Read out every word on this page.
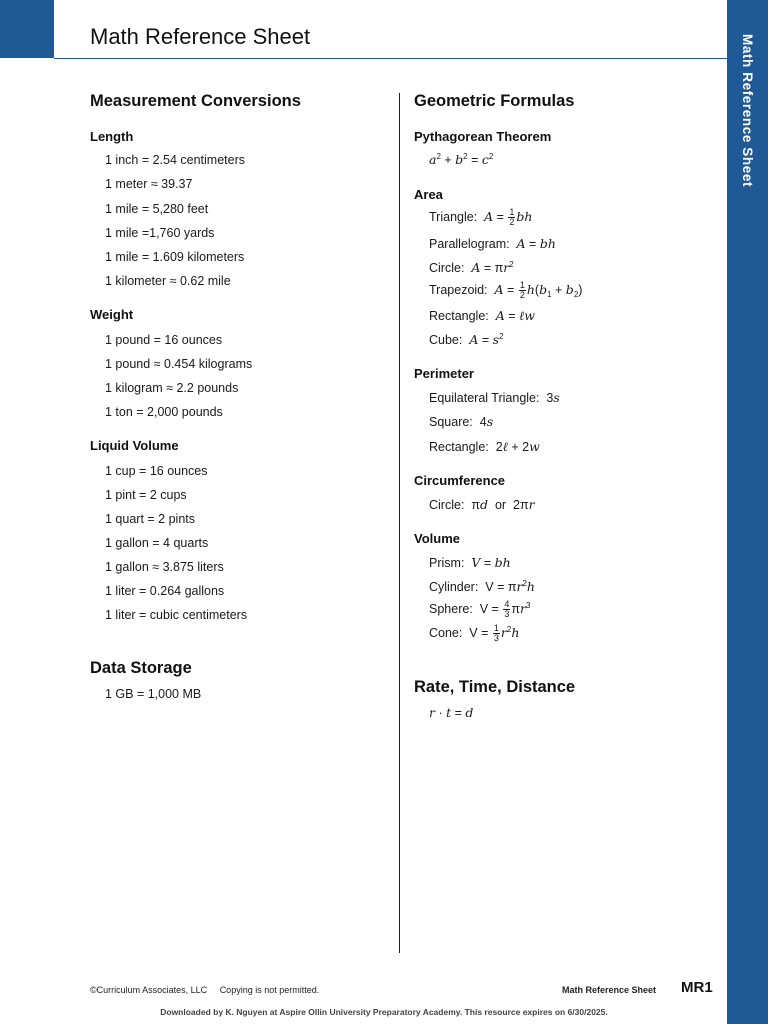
Math Reference Sheet	Math Reference Sheet
Measurement Conversions
Length
1 inch = 2.54 centimeters
1 meter ≈ 39.37
1 mile = 5,280 feet
1 mile =1,760 yards
1 mile = 1.609 kilometers
1 kilometer ≈ 0.62 mile
Weight
1 pound = 16 ounces
1 pound ≈ 0.454 kilograms
1 kilogram ≈ 2.2 pounds
1 ton = 2,000 pounds
Liquid Volume
1 cup = 16 ounces
1 pint = 2 cups
1 quart = 2 pints
1 gallon = 4 quarts
1 gallon ≈ 3.875 liters
1 liter = 0.264 gallons
1 liter = cubic centimeters
Data Storage
1 GB = 1,000 MB
Geometric Formulas
Pythagorean Theorem
$a^2 + b^2 = c^2$
Area
Triangle: $A = \frac{1}{2}$ bh
Parallelogram: A = bh
Circle: $A = \pi r^2$
Trapezoid: $A = \frac{1}{2} h(b_1 + b_2)$
Rectangle: A = ℓw
Cube: $A = s^2$
Perimeter
Equilateral Triangle:  3s
Square:  4s
Rectangle:  2ℓ + 2w
Circumference
Circle:  πd or  2πr
Volume
Prism: V = bh
Cylinder:  $V = \pi r^2h$
Sphere:  $V = \frac{4}{3} \pi r^3$
Cone:  $V = \frac{1}{3} r^2h$
Rate, Time, Distance
r · t = d
©Curriculum Associates, LLC Copying is not permitted.	Math Reference Sheet MR1
Downloaded by K. Nguyen at Aspire Ollin University Preparatory Academy. This resource expires on 6/30/2025.
